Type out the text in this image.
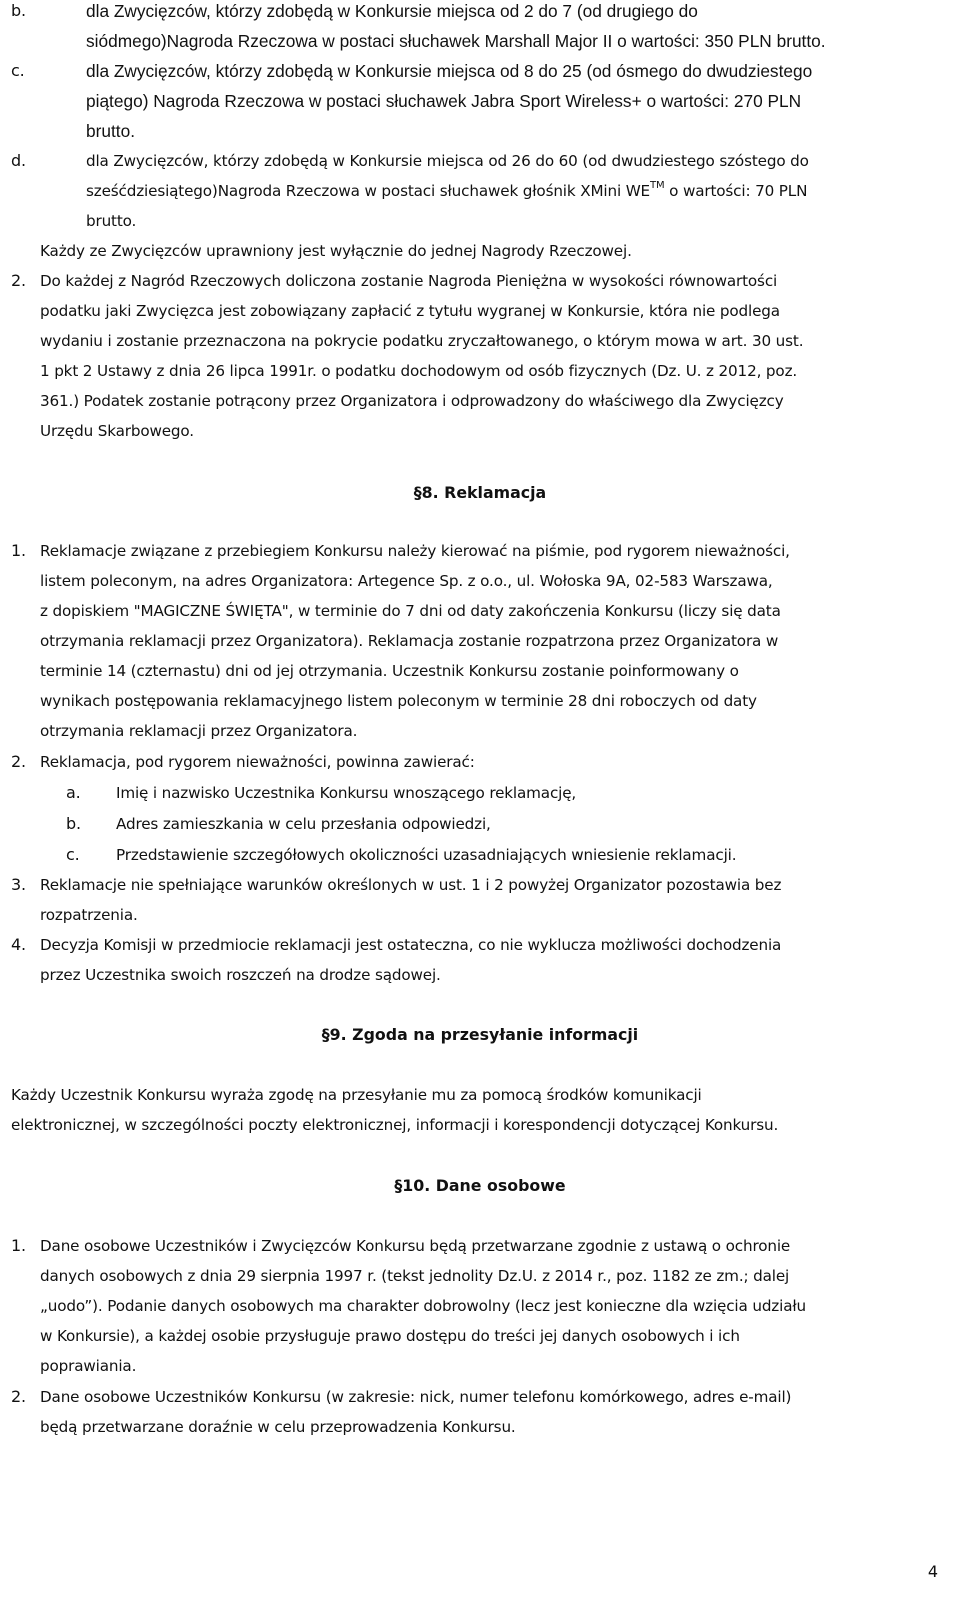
b.	dla Zwycięzców, którzy zdobędą w Konkursie miejsca od 2 do 7 (od drugiego do
siódmego)Nagroda Rzeczowa w postaci słuchawek Marshall Major II o wartości: 350 PLN brutto.
c.	dla Zwycięzców, którzy zdobędą w Konkursie miejsca od 8 do 25 (od ósmego do dwudziestego
piątego) Nagroda Rzeczowa w postaci słuchawek Jabra Sport Wireless+ o wartości: 270 PLN
brutto.
d.	dla Zwycięzców, którzy zdobędą w Konkursie miejsca od 26 do 60 (od dwudziestego szóstego do
sześćdziesiątego)Nagroda Rzeczowa w postaci słuchawek głośnik XMini WE™ o wartości: 70 PLN
brutto.
Każdy ze Zwycięzców uprawniony jest wyłącznie do jednej Nagrody Rzeczowej.
2. Do każdej z Nagród Rzeczowych doliczona zostanie Nagroda Pieniężna w wysokości równowartości
podatku jaki Zwycięzca jest zobowiązany zapłacić z tytułu wygranej w Konkursie, która nie podlega
wydaniu i zostanie przeznaczona na pokrycie podatku zryczałtowanego, o którym mowa w art. 30 ust.
1 pkt 2 Ustawy z dnia 26 lipca 1991r. o podatku dochodowym od osób fizycznych (Dz. U. z 2012, poz.
361.) Podatek zostanie potrącony przez Organizatora i odprowadzony do właściwego dla Zwycięzcy
Urzędu Skarbowego.
§8. Reklamacja
1. Reklamacje związane z przebiegiem Konkursu należy kierować na piśmie, pod rygorem nieważności,
listem poleconym, na adres Organizatora: Artegence Sp. z o.o., ul. Wołoska 9A, 02-583 Warszawa,
z dopiskiem "MAGICZNE ŚWIĘTA", w terminie do 7 dni od daty zakończenia Konkursu (liczy się data
otrzymania reklamacji przez Organizatora). Reklamacja zostanie rozpatrzona przez Organizatora w
terminie 14 (czternastu) dni od jej otrzymania. Uczestnik Konkursu zostanie poinformowany o
wynikach postępowania reklamacyjnego listem poleconym w terminie 28 dni roboczych od daty
otrzymania reklamacji przez Organizatora.
2. Reklamacja, pod rygorem nieważności, powinna zawierać:
a. Imię i nazwisko Uczestnika Konkursu wnoszącego reklamację,
b. Adres zamieszkania w celu przesłania odpowiedzi,
c. Przedstawienie szczegółowych okoliczności uzasadniających wniesienie reklamacji.
3. Reklamacje nie spełniające warunków określonych w ust. 1 i 2 powyżej Organizator pozostawia bez
rozpatrzenia.
4. Decyzja Komisji w przedmiocie reklamacji jest ostateczna, co nie wyklucza możliwości dochodzenia
przez Uczestnika swoich roszczeń na drodze sądowej.
§9. Zgoda na przesyłanie informacji
Każdy Uczestnik Konkursu wyraża zgodę na przesyłanie mu za pomocą środków komunikacji
elektronicznej, w szczególności poczty elektronicznej, informacji i korespondencji dotyczącej Konkursu.
§10. Dane osobowe
1. Dane osobowe Uczestników i Zwycięzców Konkursu będą przetwarzane zgodnie z ustawą o ochronie
danych osobowych z dnia 29 sierpnia 1997 r. (tekst jednolity Dz.U. z 2014 r., poz. 1182 ze zm.; dalej
„uodo”). Podanie danych osobowych ma charakter dobrowolny (lecz jest konieczne dla wzięcia udziału
w Konkursie), a każdej osobie przysługuje prawo dostępu do treści jej danych osobowych i ich
poprawiania.
2. Dane osobowe Uczestników Konkursu (w zakresie: nick, numer telefonu komórkowego, adres e-mail)
będą przetwarzane doraźnie w celu przeprowadzenia Konkursu.
4
